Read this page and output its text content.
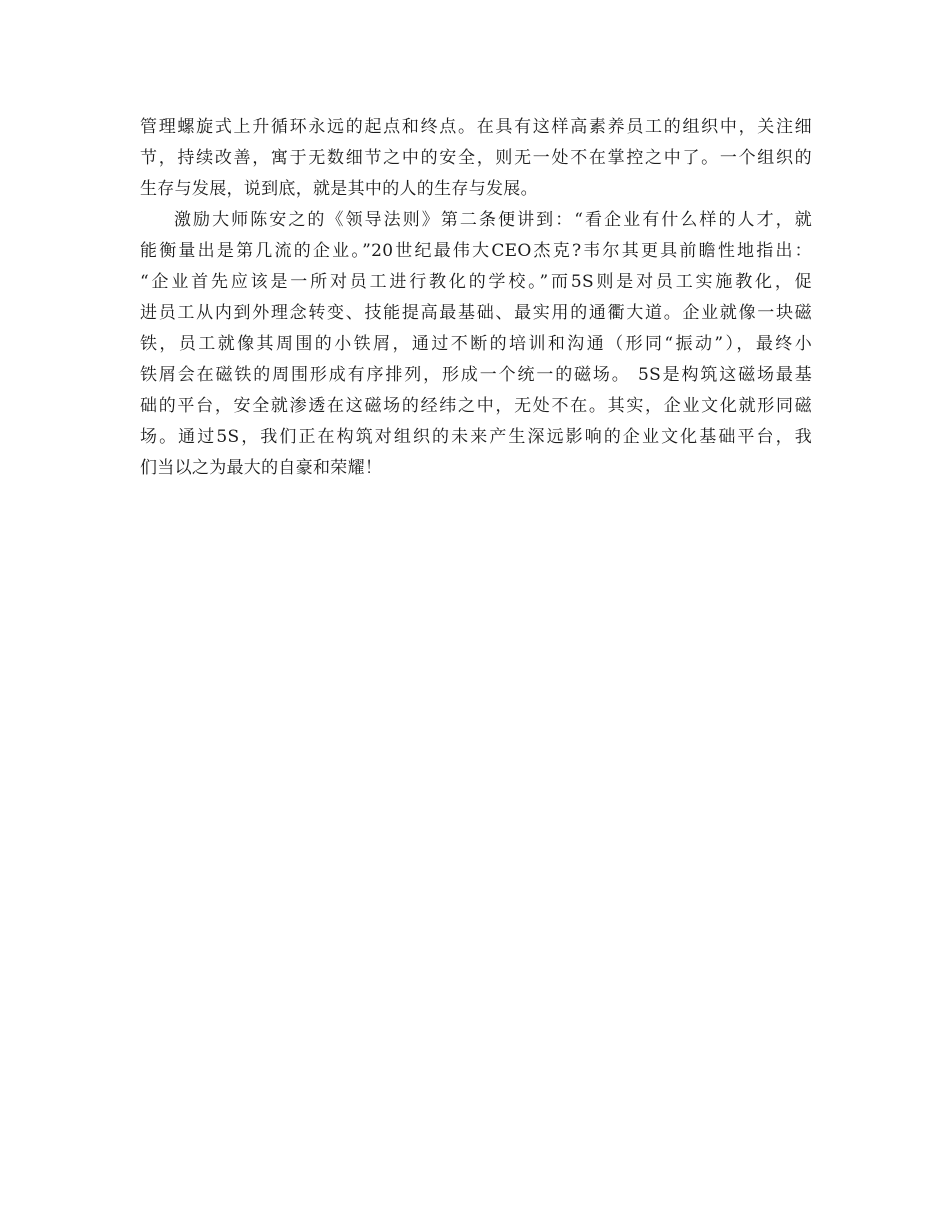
管理螺旋式上升循环永远的起点和终点。在具有这样高素养员工的组织中，关注细
节，持续改善，寓于无数细节之中的安全，则无一处不在掌控之中了。一个组织的
生存与发展，说到底，就是其中的人的生存与发展。
激励大师陈安之的《领导法则》第二条便讲到：“看企业有什么样的人才，就
能衡量出是第几流的企业。”20世纪最伟大CEO杰克?韦尔其更具前瞻性地指出：
“企业首先应该是一所对员工进行教化的学校。”而5S则是对员工实施教化，促
进员工从内到外理念转变、技能提高最基础、最实用的通衢大道。企业就像一块磁
铁，员工就像其周围的小铁屑，通过不断的培训和沟通（形同“振动”），最终小
铁屑会在磁铁的周围形成有序排列，形成一个统一的磁场。 5S是构筑这磁场最基
础的平台，安全就渗透在这磁场的经纬之中，无处不在。其实，企业文化就形同磁
场。通过5S，我们正在构筑对组织的未来产生深远影响的企业文化基础平台，我
们当以之为最大的自豪和荣耀！
